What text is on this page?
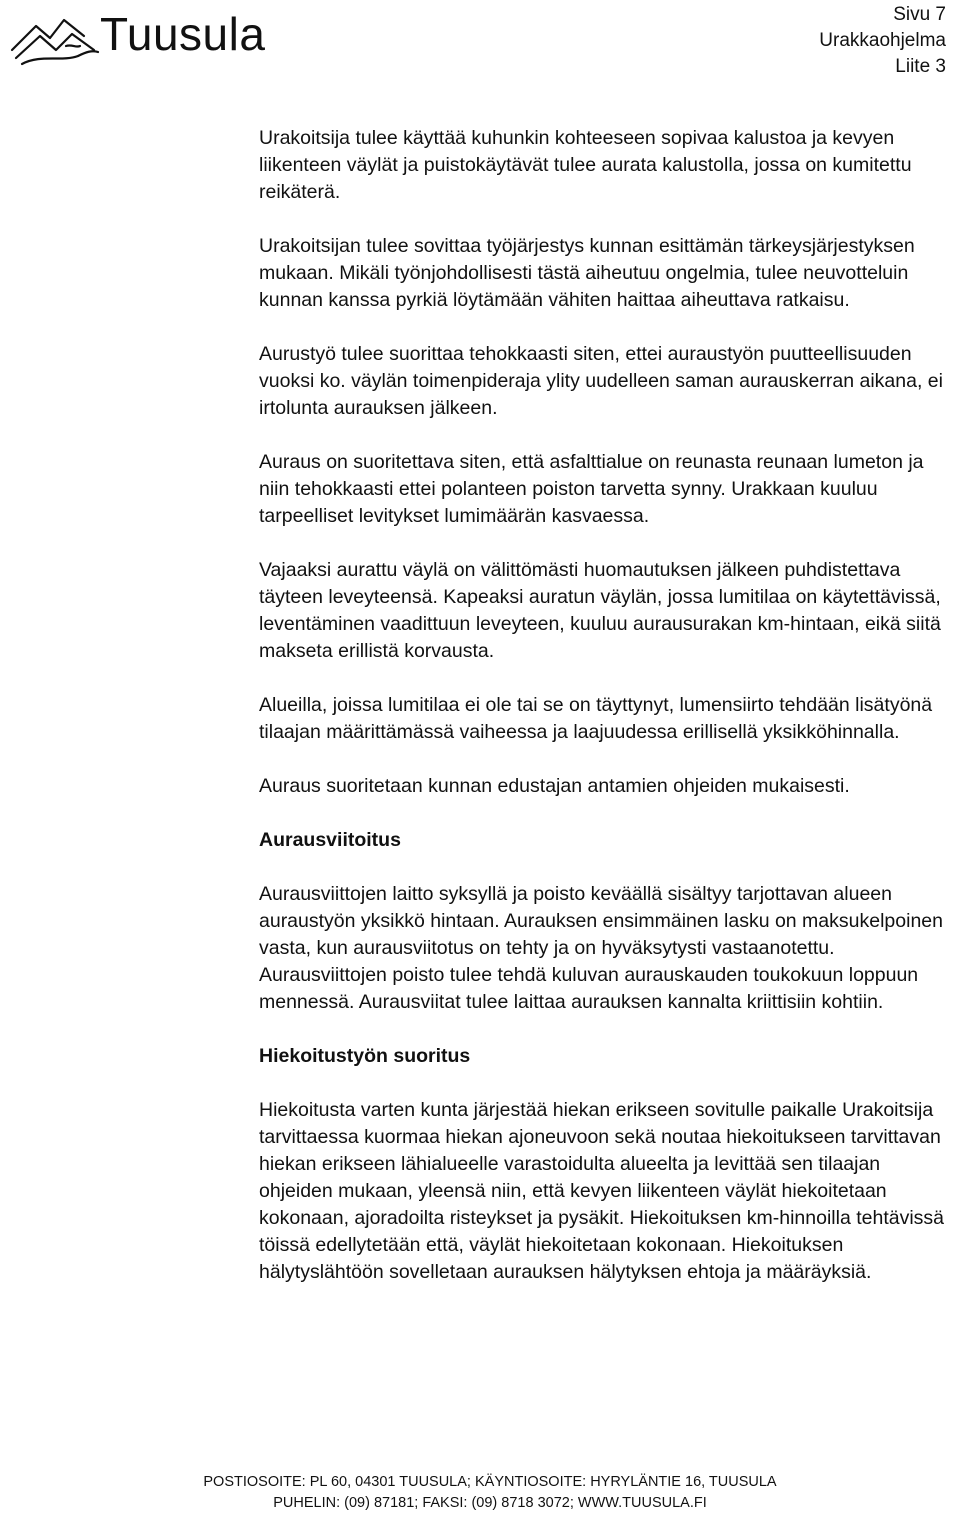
Tuusula	Sivu 7
Urakkaohjelma
Liite 3

Urakoitsija tulee käyttää kuhunkin kohteeseen sopivaa kalustoa ja kevyen liikenteen väylät ja puistokäytävät tulee aurata kalustolla, jossa on kumitettu reikäterä.

Urakoitsijan tulee sovittaa työjärjestys kunnan esittämän tärkeysjärjestyksen mukaan. Mikäli työnjohdollisesti tästä aiheutuu ongelmia, tulee neuvotteluin kunnan kanssa pyrkiä löytämään vähiten haittaa aiheuttava ratkaisu.

Aurustyö tulee suorittaa tehokkaasti siten, ettei auraustyön puutteellisuuden vuoksi ko. väylän toimenpideraja ylity uudelleen saman aurauskerran aikana, ei irtolunta aurauksen jälkeen.

Auraus on suoritettava siten, että asfalttialue on reunasta reunaan lumeton ja niin tehokkaasti ettei polanteen poiston tarvetta synny. Urakkaan kuuluu tarpeelliset levitykset lumimäärän kasvaessa.

Vajaaksi aurattu väylä on välittömästi huomautuksen jälkeen puhdistettava täyteen leveyteensä. Kapeaksi auratun väylän, jossa lumitilaa on käytettävissä, leventäminen vaadittuun leveyteen, kuuluu aurausurakan km-hintaan, eikä siitä makseta erillistä korvausta.

Alueilla, joissa lumitilaa ei ole tai se on täyttynyt, lumensiirto tehdään lisätyönä tilaajan määrittämässä vaiheessa ja laajuudessa erillisellä yksikköhinnalla.

Auraus suoritetaan kunnan edustajan antamien ohjeiden mukaisesti.

Aurausviitoitus

Aurausviittojen laitto syksyllä ja poisto keväällä sisältyy tarjottavan alueen auraustyön yksikkö hintaan. Aurauksen ensimmäinen lasku on maksukelpoinen vasta, kun aurausviitotus on tehty ja on hyväksytysti vastaanotettu. Aurausviittojen poisto tulee tehdä kuluvan aurauskauden toukokuun loppuun mennessä. Aurausviitat tulee laittaa aurauksen kannalta kriittisiin kohtiin.

Hiekoitustyön suoritus

Hiekoitusta varten kunta järjestää hiekan erikseen sovitulle paikalle Urakoitsija tarvittaessa kuormaa hiekan ajoneuvoon sekä noutaa hiekoitukseen tarvittavan hiekan erikseen lähialueelle varastoidulta alueelta ja levittää sen tilaajan ohjeiden mukaan, yleensä niin, että kevyen liikenteen väylät hiekoitetaan kokonaan, ajoradoilta risteykset ja pysäkit. Hiekoituksen km-hinnoilla tehtävissä töissä edellytetään että, väylät hiekoitetaan kokonaan. Hiekoituksen hälytyslähtöön sovelletaan aurauksen hälytyksen ehtoja ja määräyksiä.

POSTIOSOITE: PL 60, 04301 TUUSULA; KÄYNTIOSOITE: HYRYLÄNTIE 16, TUUSULA
PUHELIN: (09) 87181; FAKSI: (09) 8718 3072; WWW.TUUSULA.FI
